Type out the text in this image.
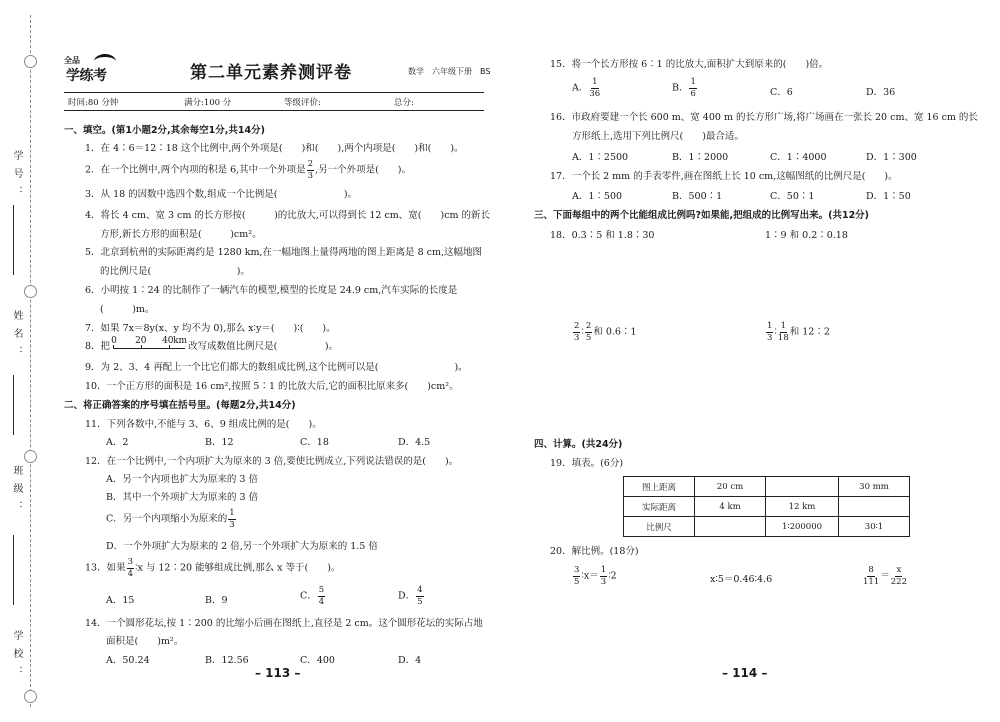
学号：
姓名：
班级：
学校：
全品
学练考	第二单元素养测评卷	数学　六年级下册　BS
时间:80 分钟	满分:100 分	等级评价:	总分:
一、填空。(第1小题2分,其余每空1分,共14分)
1．在 4∶6＝12∶18 这个比例中,两个外项是(　　)和(　　),两个内项是(　　)和(　　)。
2．在一个比例中,两个内项的积是 6,其中一个外项是 $\frac{2}{3}$ ,另一个外项是(　　)。
3．从 18 的因数中选四个数,组成一个比例是(　　　　　　　)。
4．将长 4 cm、宽 3 cm 的长方形按(　　　)的比放大,可以得到长 12 cm、宽(　　)cm 的新长
方形,新长方形的面积是(　　　)cm²。
5．北京到杭州的实际距离约是 1280 km,在一幅地图上量得两地的图上距离是 8 cm,这幅地图
的比例尺是(　　　　　　　　　)。
6．小明按 1∶24 的比制作了一辆汽车的模型,模型的长度是 24.9 cm,汽车实际的长度是
(　　　)m。
7．如果 7x＝8y(x、y 均不为 0),那么 x∶y＝(　　)∶(　　)。
8．把 0 20 40 km 改写成数值比例尺是(　　　　　)。
9．为 2、3、4 再配上一个比它们都大的数组成比例,这个比例可以是(　　　　　　　　)。
10．一个正方形的面积是 16 cm²,按照 5∶1 的比放大后,它的面积比原来多(　　)cm²。
二、将正确答案的序号填在括号里。(每题2分,共14分)
11．下列各数中,不能与 3、6、9 组成比例的是(　　)。
A．2	B．12	C．18	D．4.5
12．在一个比例中,一个内项扩大为原来的 3 倍,要使比例成立,下列说法错误的是(　　)。
A．另一个内项也扩大为原来的 3 倍
B．其中一个外项扩大为原来的 3 倍
C．另一个内项缩小为原来的 $\frac{1}{3}$
D．一个外项扩大为原来的 2 倍,另一个外项扩大为原来的 1.5 倍
13．如果 $\frac{3}{4}$ ∶x 与 12∶20 能够组成比例,那么 x 等于(　　)。
A．15	B．9	C． $\frac{5}{4}$	D． $\frac{4}{5}$
14．一个圆形花坛,按 1∶200 的比缩小后画在图纸上,直径是 2 cm。这个圆形花坛的实际占地
面积是(　　)m²。
A．50.24	B．12.56	C．400	D．4
– 113 –
15．将一个长方形按 6∶1 的比放大,面积扩大到原来的(　　)倍。
A． $\frac{1}{36}$	B． $\frac{1}{6}$	C．6	D．36
16．市政府要建一个长 600 m、宽 400 m 的长方形广场,将广场画在一张长 20 cm、宽 16 cm 的长
方形纸上,选用下列比例尺(　　)最合适。
A．1∶2500	B．1∶2000	C．1∶4000	D．1∶300
17．一个长 2 mm 的手表零件,画在图纸上长 10 cm,这幅图纸的比例尺是(　　)。
A．1∶500	B．500∶1	C．50∶1	D．1∶50
三、下面每组中的两个比能组成比例吗?如果能,把组成的比例写出来。(共12分)
18．0.3∶5 和 1.8∶30	1∶9 和 0.2∶0.18
$\frac{2}{3}$ ∶ $\frac{2}{5}$ 和 0.6∶1	$\frac{1}{3}$ ∶ $\frac{1}{18}$ 和 12∶2
四、计算。(共24分)
19．填表。(6分)
图上距离	20 cm		30 mm
实际距离	4 km	12 km	
比例尺		1∶200000	30∶1
20．解比例。(18分)
$\frac{3}{5}$ ∶x＝ $\frac{1}{3}$ ∶2	x∶5＝0.46∶4.6	$\frac{8}{111} = \frac{x}{222}$
– 114 –
